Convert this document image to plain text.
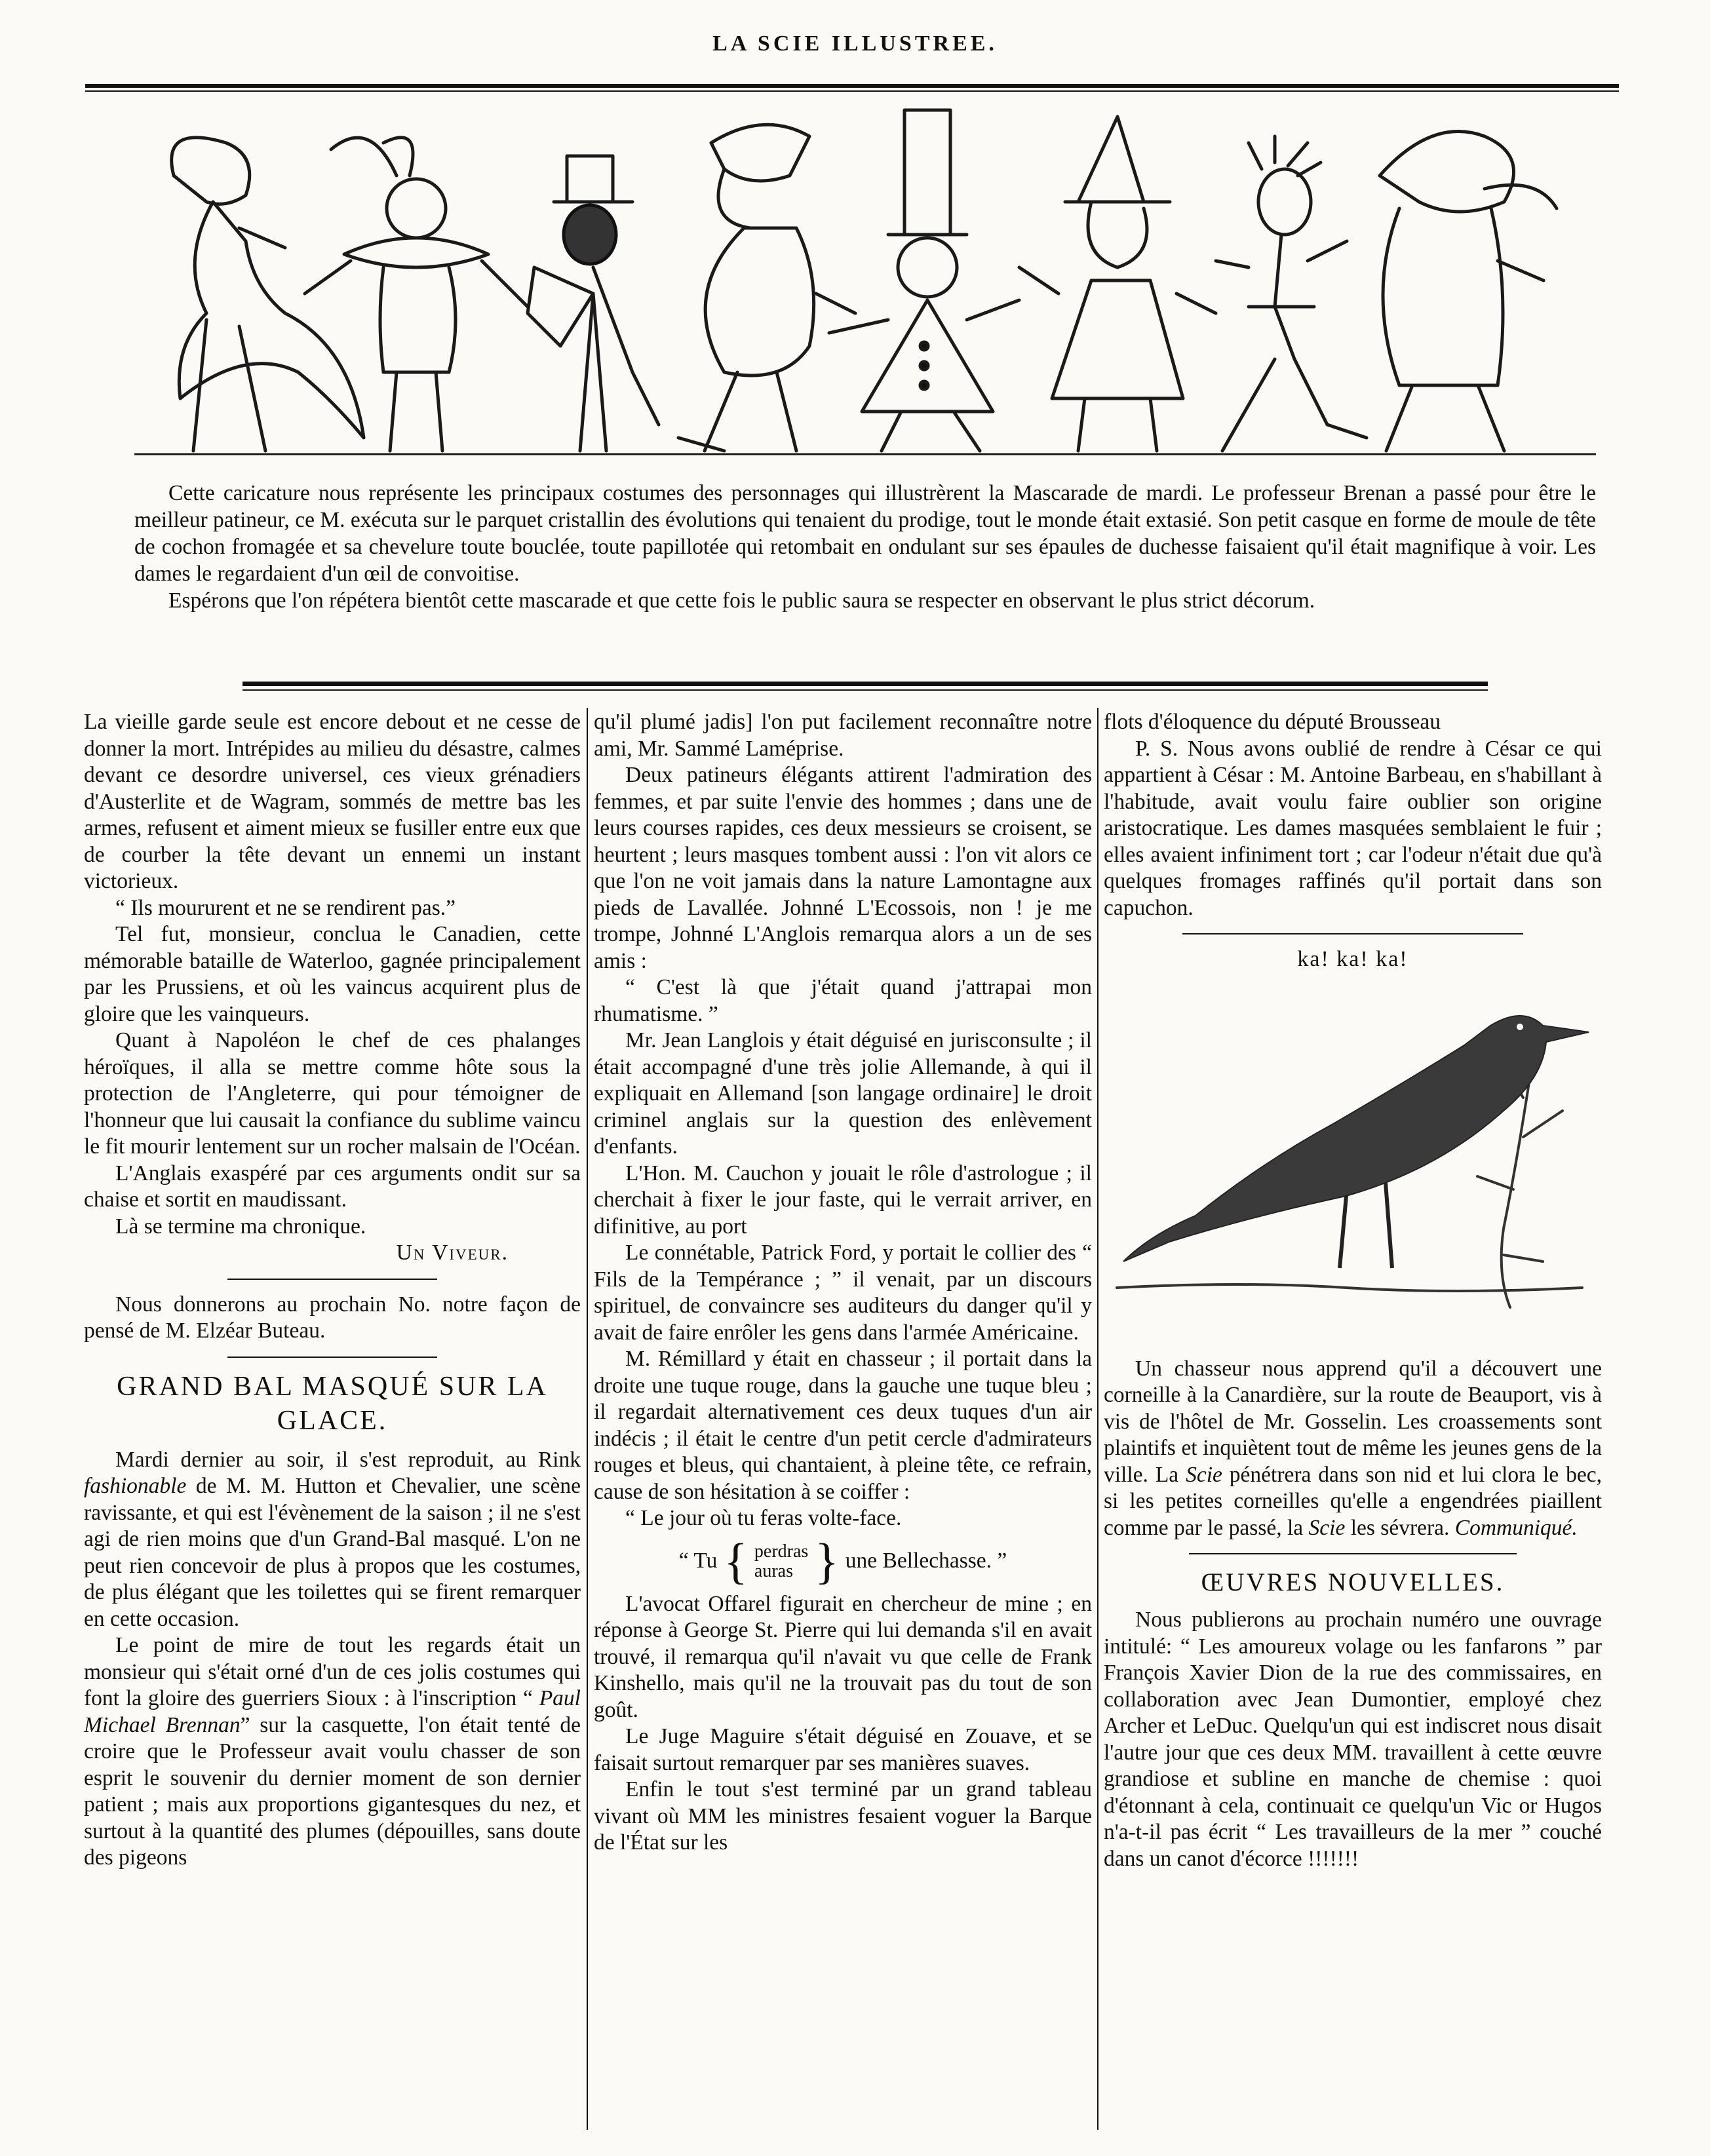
LA SCIE ILLUSTREE.

Cette caricature nous représente les principaux costumes des personnages qui illustrèrent la Mascarade de mardi. Le professeur Brenan a passé pour être le meilleur patineur, ce M. exécuta sur le parquet cristallin des évolutions qui tenaient du prodige, tout le monde était extasié. Son petit casque en forme de moule de tête de cochon fromagée et sa chevelure toute bouclée, toute papillotée qui retombait en ondulant sur ses épaules de duchesse faisaient qu'il était magnifique à voir. Les dames le regardaient d'un œil de convoitise.

Espérons que l'on répétera bientôt cette mascarade et que cette fois le public saura se respecter en observant le plus strict décorum.

La vieille garde seule est encore debout et ne cesse de donner la mort. Intrépides au milieu du désastre, calmes devant ce desordre universel, ces vieux grénadiers d'Austerlite et de Wagram, sommés de mettre bas les armes, refusent et aiment mieux se fusiller entre eux que de courber la tête devant un ennemi un instant victorieux.

“ Ils moururent et ne se rendirent pas.”

Tel fut, monsieur, conclua le Canadien, cette mémorable bataille de Waterloo, gagnée principalement par les Prussiens, et où les vaincus acquirent plus de gloire que les vainqueurs.

Quant à Napoléon le chef de ces phalanges héroïques, il alla se mettre comme hôte sous la protection de l'Angleterre, qui pour témoigner de l'honneur que lui causait la confiance du sublime vaincu le fit mourir lentement sur un rocher malsain de l'Océan.

L'Anglais exaspéré par ces arguments ondit sur sa chaise et sortit en maudissant.

Là se termine ma chronique.

Un Viveur.

Nous donnerons au prochain No. notre façon de pensé de M. Elzéar Buteau.

GRAND BAL MASQUÉ SUR LA GLACE.

Mardi dernier au soir, il s'est reproduit, au Rink fashionable de M. M. Hutton et Chevalier, une scène ravissante, et qui est l'évènement de la saison ; il ne s'est agi de rien moins que d'un Grand-Bal masqué. L'on ne peut rien concevoir de plus à propos que les costumes, de plus élégant que les toilettes qui se firent remarquer en cette occasion.

Le point de mire de tout les regards était un monsieur qui s'était orné d'un de ces jolis costumes qui font la gloire des guerriers Sioux : à l'inscription “ Paul Michael Brennan” sur la casquette, l'on était tenté de croire que le Professeur avait voulu chasser de son esprit le souvenir du dernier moment de son dernier patient ; mais aux proportions gigantesques du nez, et surtout à la quantité des plumes (dépouilles, sans doute des pigeons

qu'il plumé jadis] l'on put facilement reconnaître notre ami, Mr. Sammé Laméprise.

Deux patineurs élégants attirent l'admiration des femmes, et par suite l'envie des hommes ; dans une de leurs courses rapides, ces deux messieurs se croisent, se heurtent ; leurs masques tombent aussi : l'on vit alors ce que l'on ne voit jamais dans la nature Lamontagne aux pieds de Lavallée. Johnné L'Ecossois, non ! je me trompe, Johnné L'Anglois remarqua alors a un de ses amis :

“ C'est là que j'était quand j'attrapai mon rhumatisme. ”

Mr. Jean Langlois y était déguisé en jurisconsulte ; il était accompagné d'une très jolie Allemande, à qui il expliquait en Allemand [son langage ordinaire] le droit criminel anglais sur la question des enlèvement d'enfants.

L'Hon. M. Cauchon y jouait le rôle d'astrologue ; il cherchait à fixer le jour faste, qui le verrait arriver, en difinitive, au port

Le connétable, Patrick Ford, y portait le collier des “ Fils de la Tempérance ; ” il venait, par un discours spirituel, de convaincre ses auditeurs du danger qu'il y avait de faire enrôler les gens dans l'armée Américaine.

M. Rémillard y était en chasseur ; il portait dans la droite une tuque rouge, dans la gauche une tuque bleu ; il regardait alternativement ces deux tuques d'un air indécis ; il était le centre d'un petit cercle d'admirateurs rouges et bleus, qui chantaient, à pleine tête, ce refrain, cause de son hésitation à se coiffer :

“ Le jour où tu feras volte-face.

“ Tu { perdras
auras } une Bellechasse. ”

L'avocat Offarel figurait en chercheur de mine ; en réponse à George St. Pierre qui lui demanda s'il en avait trouvé, il remarqua qu'il n'avait vu que celle de Frank Kinshello, mais qu'il ne la trouvait pas du tout de son goût.

Le Juge Maguire s'était déguisé en Zouave, et se faisait surtout remarquer par ses manières suaves.

Enfin le tout s'est terminé par un grand tableau vivant où MM les ministres fesaient voguer la Barque de l'État sur les

flots d'éloquence du député Brousseau

P. S. Nous avons oublié de rendre à César ce qui appartient à César : M. Antoine Barbeau, en s'habillant à l'habitude, avait voulu faire oublier son origine aristocratique. Les dames masquées semblaient le fuir ; elles avaient infiniment tort ; car l'odeur n'était due qu'à quelques fromages raffinés qu'il portait dans son capuchon.

ka! ka! ka!

Un chasseur nous apprend qu'il a découvert une corneille à la Canardière, sur la route de Beauport, vis à vis de l'hôtel de Mr. Gosselin. Les croassements sont plaintifs et inquiètent tout de même les jeunes gens de la ville. La Scie pénétrera dans son nid et lui clora le bec, si les petites corneilles qu'elle a engendrées piaillent comme par le passé, la Scie les sévrera. Communiqué.

ŒUVRES NOUVELLES.

Nous publierons au prochain numéro une ouvrage intitulé: “ Les amoureux volage ou les fanfarons ” par François Xavier Dion de la rue des commissaires, en collaboration avec Jean Dumontier, employé chez Archer et LeDuc. Quelqu'un qui est indiscret nous disait l'autre jour que ces deux MM. travaillent à cette œuvre grandiose et subline en manche de chemise : quoi d'étonnant à cela, continuait ce quelqu'un Vic or Hugos n'a-t-il pas écrit “ Les travailleurs de la mer ” couché dans un canot d'écorce !!!!!!!
